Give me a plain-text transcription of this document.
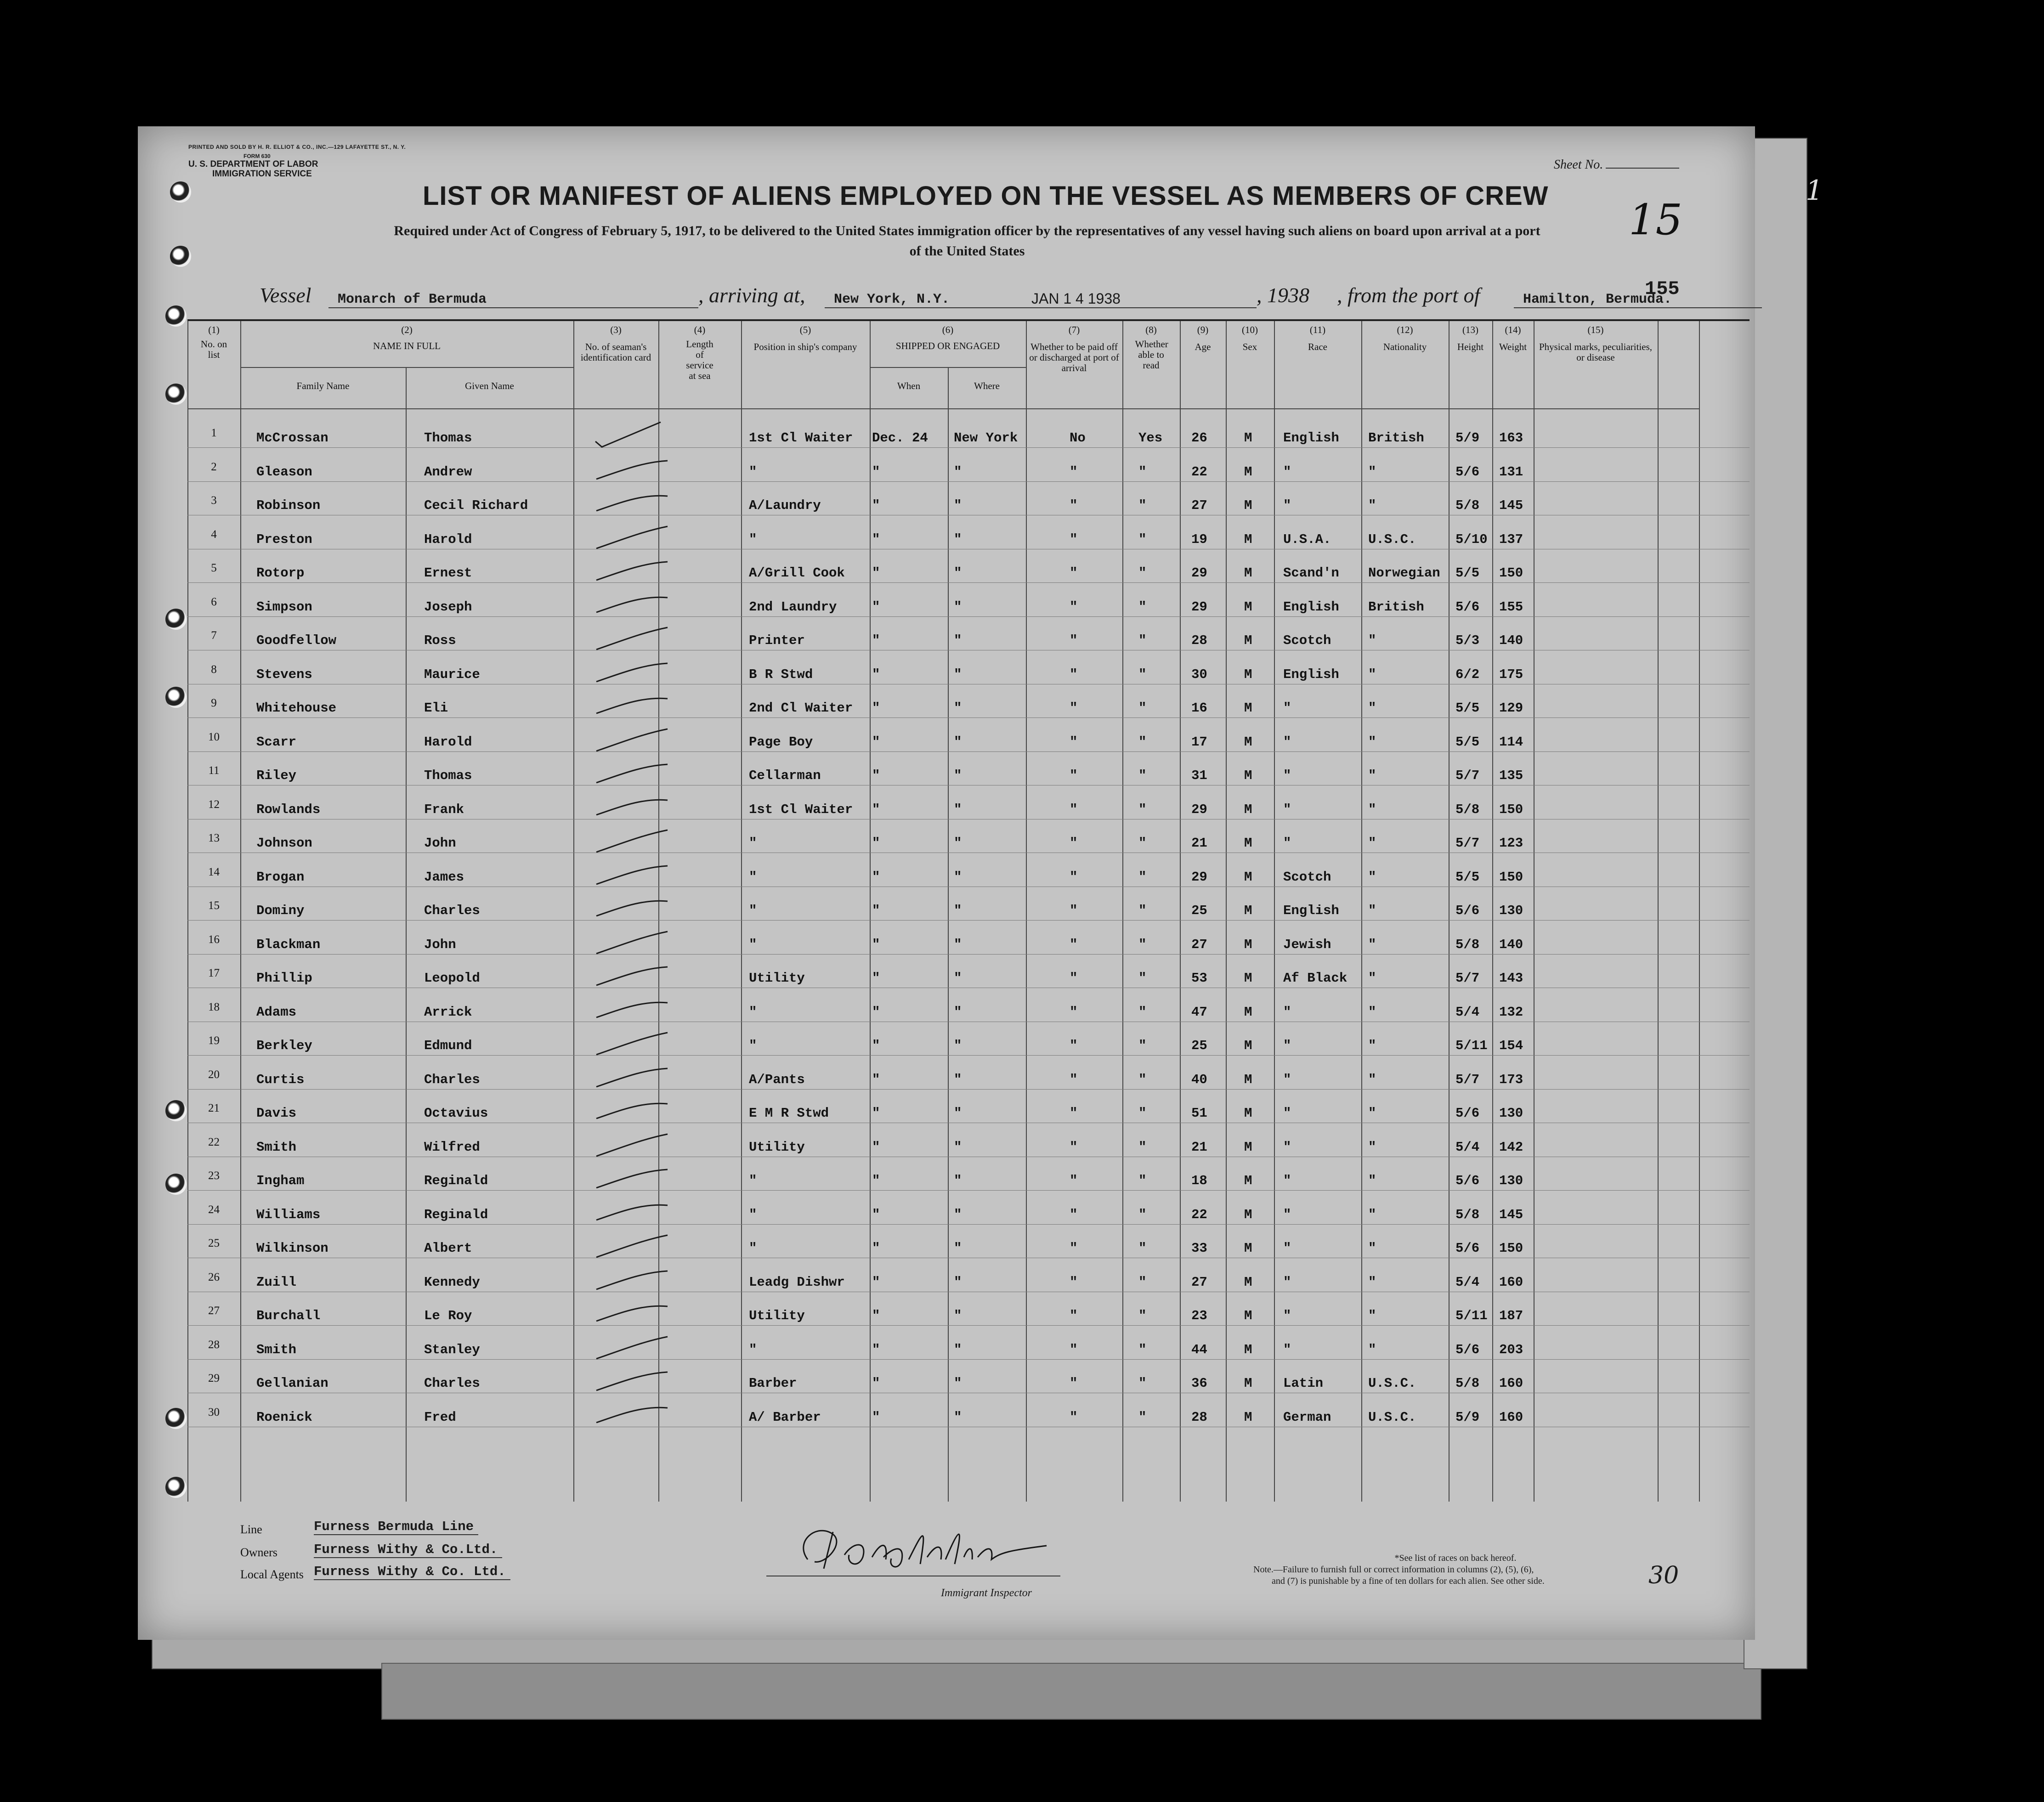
1
PRINTED AND SOLD BY H. R. ELLIOT & CO., INC.—129 LAFAYETTE ST., N. Y.
FORM 630
U. S. DEPARTMENT OF LABOR
IMMIGRATION SERVICE
Sheet No.
LIST OR MANIFEST OF ALIENS EMPLOYED ON THE VESSEL AS MEMBERS OF CREW
Required under Act of Congress of February 5, 1917, to be delivered to the United States immigration officer by the representatives of any vessel having such aliens on board upon arrival at a port
of the United States
15
Vessel Monarch of Bermuda	, arriving at, New York, N.Y.	JAN 1 4 1938	, 1938 , from the port of	Hamilton, Bermuda.
155
(1)
No. on list
(2)
NAME IN FULL
Family Name	Given Name
(3)
No. of seaman's identification card
(4)
Length of service at sea
(5)
Position in ship's company
(6)
SHIPPED OR ENGAGED
When	Where
(7)
Whether to be paid off or discharged at port of arrival
(8)
Whether able to read
(9)
Age
(10)
Sex
(11)
Race
(12)
Nationality
(13)
Height
(14)
Weight
(15)
Physical marks, peculiarities, or disease
1	McCrossan	Thomas	1st Cl Waiter Dec. 24 New York	No	Yes 26	M English British 5/9 163
2	Gleason	Andrew	"	"	"	"	"	22	M "	"	5/6 131
3	Robinson	Cecil Richard	A/Laundry	"	"	"	"	27	M "	"	5/8 145
4	Preston	Harold	"	"	"	"	"	19	M U.S.A.	U.S.C.	5/10 137
5	Rotorp	Ernest	A/Grill Cook "	"	"	"	29	M Scand'n Norwegian 5/5 150
6	Simpson	Joseph	2nd Laundry	"	"	"	"	29	M English British 5/6 155
7	Goodfellow	Ross	Printer	"	"	"	"	28	M Scotch	"	5/3 140
8	Stevens	Maurice	B R Stwd	"	"	"	"	30	M English "	6/2 175
9	Whitehouse	Eli	2nd Cl Waiter "	"	"	"	16	M "	"	5/5 129
10	Scarr	Harold	Page Boy	"	"	"	"	17	M "	"	5/5 114
11	Riley	Thomas	Cellarman	"	"	"	"	31	M "	"	5/7 135
12	Rowlands	Frank	1st Cl Waiter "	"	"	"	29	M "	"	5/8 150
13	Johnson	John	"	"	"	"	"	21	M "	"	5/7 123
14	Brogan	James	"	"	"	"	"	29	M Scotch	"	5/5 150
15	Dominy	Charles	"	"	"	"	"	25	M English "	5/6 130
16	Blackman	John	"	"	"	"	"	27	M Jewish	"	5/8 140
17	Phillip	Leopold	Utility	"	"	"	"	53	M Af Black "	5/7 143
18	Adams	Arrick	"	"	"	"	"	47	M "	"	5/4 132
19	Berkley	Edmund	"	"	"	"	"	25	M "	"	5/11 154
20	Curtis	Charles	A/Pants	"	"	"	"	40	M "	"	5/7 173
21	Davis	Octavius	E M R Stwd	"	"	"	"	51	M "	"	5/6 130
22	Smith	Wilfred	Utility	"	"	"	"	21	M "	"	5/4 142
23	Ingham	Reginald	"	"	"	"	"	18	M "	"	5/6 130
24	Williams	Reginald	"	"	"	"	"	22	M "	"	5/8 145
25	Wilkinson	Albert	"	"	"	"	"	33	M "	"	5/6 150
26	Zuill	Kennedy	Leadg Dishwr "	"	"	"	27	M "	"	5/4 160
27	Burchall	Le Roy	Utility	"	"	"	"	23	M "	"	5/11 187
28	Smith	Stanley	"	"	"	"	"	44	M "	"	5/6 203
29	Gellanian	Charles	Barber	"	"	"	"	36	M Latin	U.S.C.	5/8 160
30	Roenick	Fred	A/ Barber	"	"	"	"	28	M German	U.S.C.	5/9 160
Line	Furness Bermuda Line
Owners	Furness Withy & Co.Ltd.
Local Agents Furness Withy & Co. Ltd.
Immigrant Inspector
*See list of races on back hereof.
Note.—Failure to furnish full or correct information in columns (2), (5), (6),
and (7) is punishable by a fine of ten dollars for each alien. See other side.	30
